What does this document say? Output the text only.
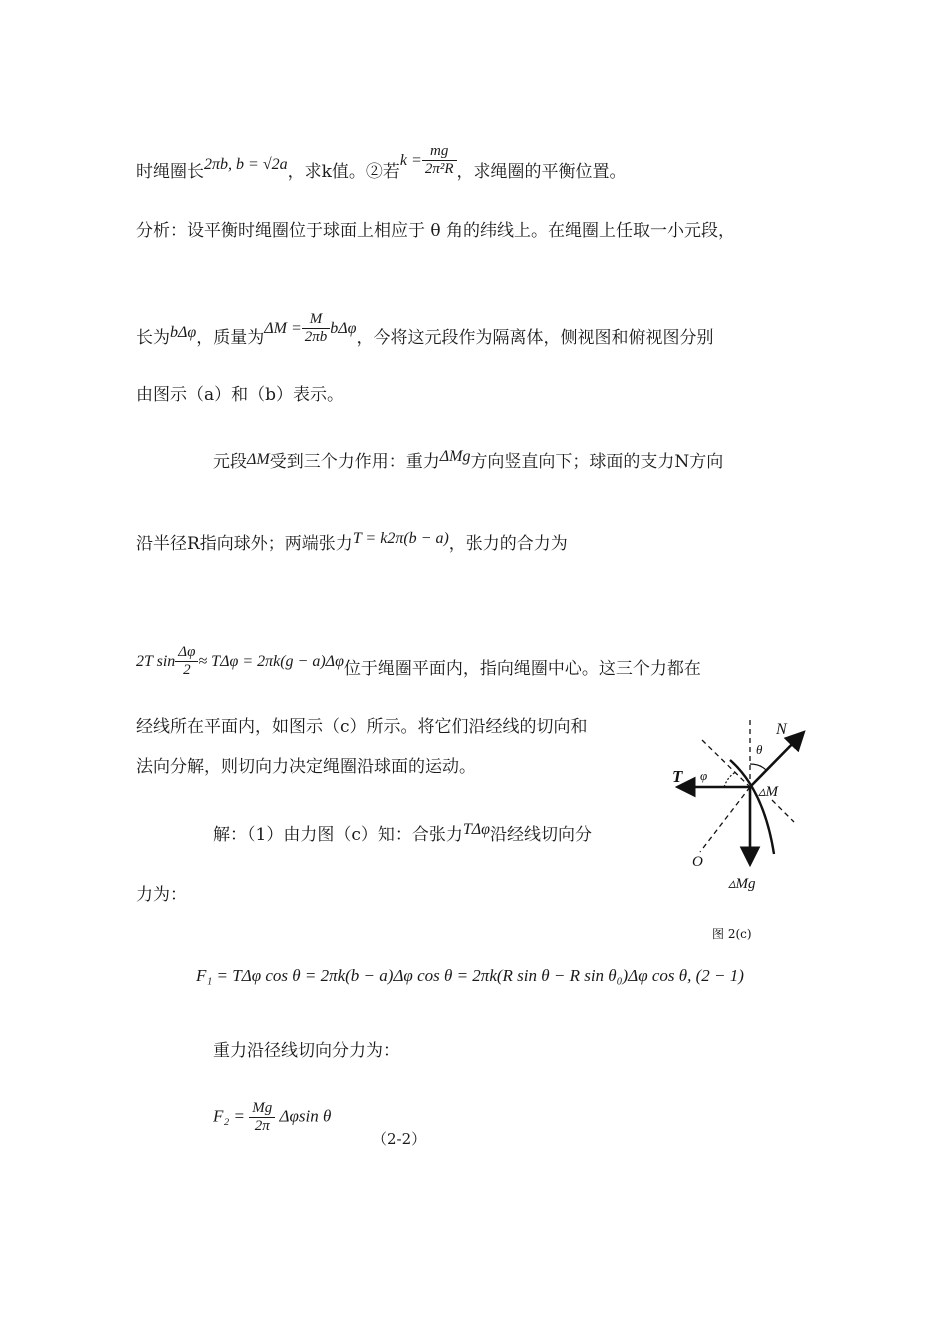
时绳圈长2πb, b = √2a，求k值。②若$k = \frac{mg}{\text{2π²R}}$ ，求绳圈的平衡位置。
分析：设平衡时绳圈位于球面上相应于 θ 角的纬线上。在绳圈上任取一小元段，
长为bΔφ，质量为$\Delta M = \frac{M}{2\pi b}$ bΔφ，今将这元段作为隔离体，侧视图和俯视图分别
由图示（a）和（b）表示。
元段ΔM受到三个力作用：重力ΔMg方向竖直向下；球面的支力N方向
沿半径R指向球外；两端张力T = k2π(b − a)，张力的合力为
2T $\sin \frac{\Delta\varphi}{2} \approx T\Delta\varphi = 2\pi k(g - a)\Delta\varphi$位于绳圈平面内，指向绳圈中心。这三个力都在
经线所在平面内，如图示（c）所示。将它们沿经线的切向和
法向分解，则切向力决定绳圈沿球面的运动。
解：（1）由力图（c）知：合张力TΔφ沿经线切向分
力为：
F₁ = TΔφ cos θ = 2πk(b − a)Δφ cos θ = 2πk(R sin θ − R sin θ₀)Δφ cos θ, (2 − 1)
重力沿径线切向分力为：
$F_2 = \frac{Mg}{2\pi}$ Δφsin θ
（2-2）
N
θ
T φ
▵M
O
▵Mg
图 2(c)
